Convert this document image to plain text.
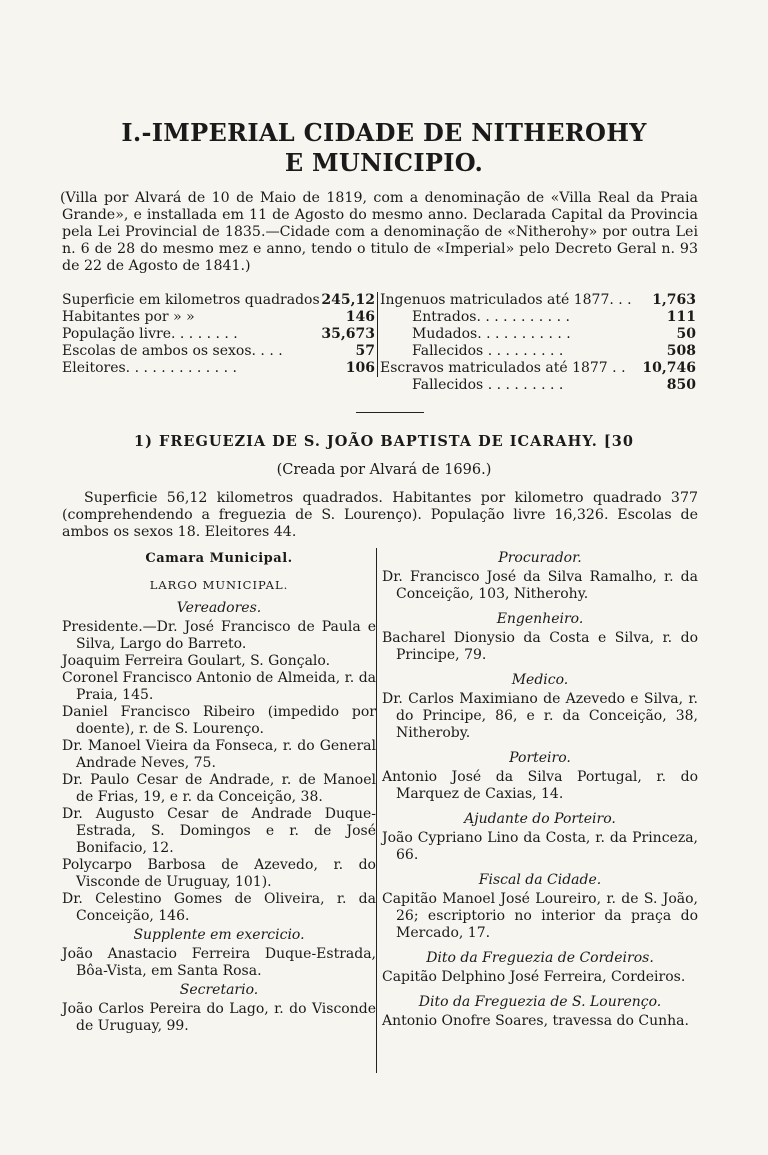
I.-IMPERIAL CIDADE DE NITHEROHY
E MUNICIPIO.

(Villa por Alvará de 10 de Maio de 1819, com a denominação de «Villa Real da Praia Grande», e installada em 11 de Agosto do mesmo anno. Declarada Capital da Provincia pela Lei Provincial de 1835.—Cidade com a denominação de «Nitherohy» por outra Lei n. 6 de 28 do mesmo mez e anno, tendo o titulo de «Imperial» pelo Decreto Geral n. 93 de 22 de Agosto de 1841.)

Superficie em kilometros quadrados 245,12
Habitantes por » »	146
População livre. . . . . . . .	35,673
Escolas de ambos os sexos. . . .	57
Eleitores. . . . . . . . . . . . .	106
Ingenuos matriculados até 1877. . . 1,763
Entrados. . . . . . . . . . .	111
Mudados. . . . . . . . . . .	50
Fallecidos . . . . . . . . .	508
Escravos matriculados até 1877 . . 10,746
Fallecidos . . . . . . . . .	850
1) FREGUEZIA DE S. JOÃO BAPTISTA DE ICARAHY. [30
(Creada por Alvará de 1696.)
Superficie 56,12 kilometros quadrados. Habitantes por kilometro quadrado 377 (comprehendendo a freguezia de S. Lourenço). População livre 16,326. Escolas de ambos os sexos 18. Eleitores 44.
Camara Municipal.
LARGO MUNICIPAL.
Vereadores.

Presidente.—Dr. José Francisco de Paula e Silva, Largo do Barreto.

Joaquim Ferreira Goulart, S. Gonçalo.

Coronel Francisco Antonio de Almeida, r. da Praia, 145.

Daniel Francisco Ribeiro (impedido por doente), r. de S. Lourenço.

Dr. Manoel Vieira da Fonseca, r. do General Andrade Neves, 75.

Dr. Paulo Cesar de Andrade, r. de Manoel de Frias, 19, e r. da Conceição, 38.

Dr. Augusto Cesar de Andrade Duque-Estrada, S. Domingos e r. de José Bonifacio, 12.

Polycarpo Barbosa de Azevedo, r. do Visconde de Uruguay, 101).

Dr. Celestino Gomes de Oliveira, r. da Conceição, 146.

Supplente em exercicio.

João Anastacio Ferreira Duque-Estrada, Bôa-Vista, em Santa Rosa.

Secretario.

João Carlos Pereira do Lago, r. do Visconde de Uruguay, 99.

Procurador.

Dr. Francisco José da Silva Ramalho, r. da Conceição, 103, Nitherohy.

Engenheiro.

Bacharel Dionysio da Costa e Silva, r. do Principe, 79.

Medico.

Dr. Carlos Maximiano de Azevedo e Silva, r. do Principe, 86, e r. da Conceição, 38, Nitheroby.

Porteiro.

Antonio José da Silva Portugal, r. do Marquez de Caxias, 14.

Ajudante do Porteiro.

João Cypriano Lino da Costa, r. da Princeza, 66.

Fiscal da Cidade.

Capitão Manoel José Loureiro, r. de S. João, 26; escriptorio no interior da praça do Mercado, 17.

Dito da Freguezia de Cordeiros.

Capitão Delphino José Ferreira, Cordeiros.

Dito da Freguezia de S. Lourenço.

Antonio Onofre Soares, travessa do Cunha.
